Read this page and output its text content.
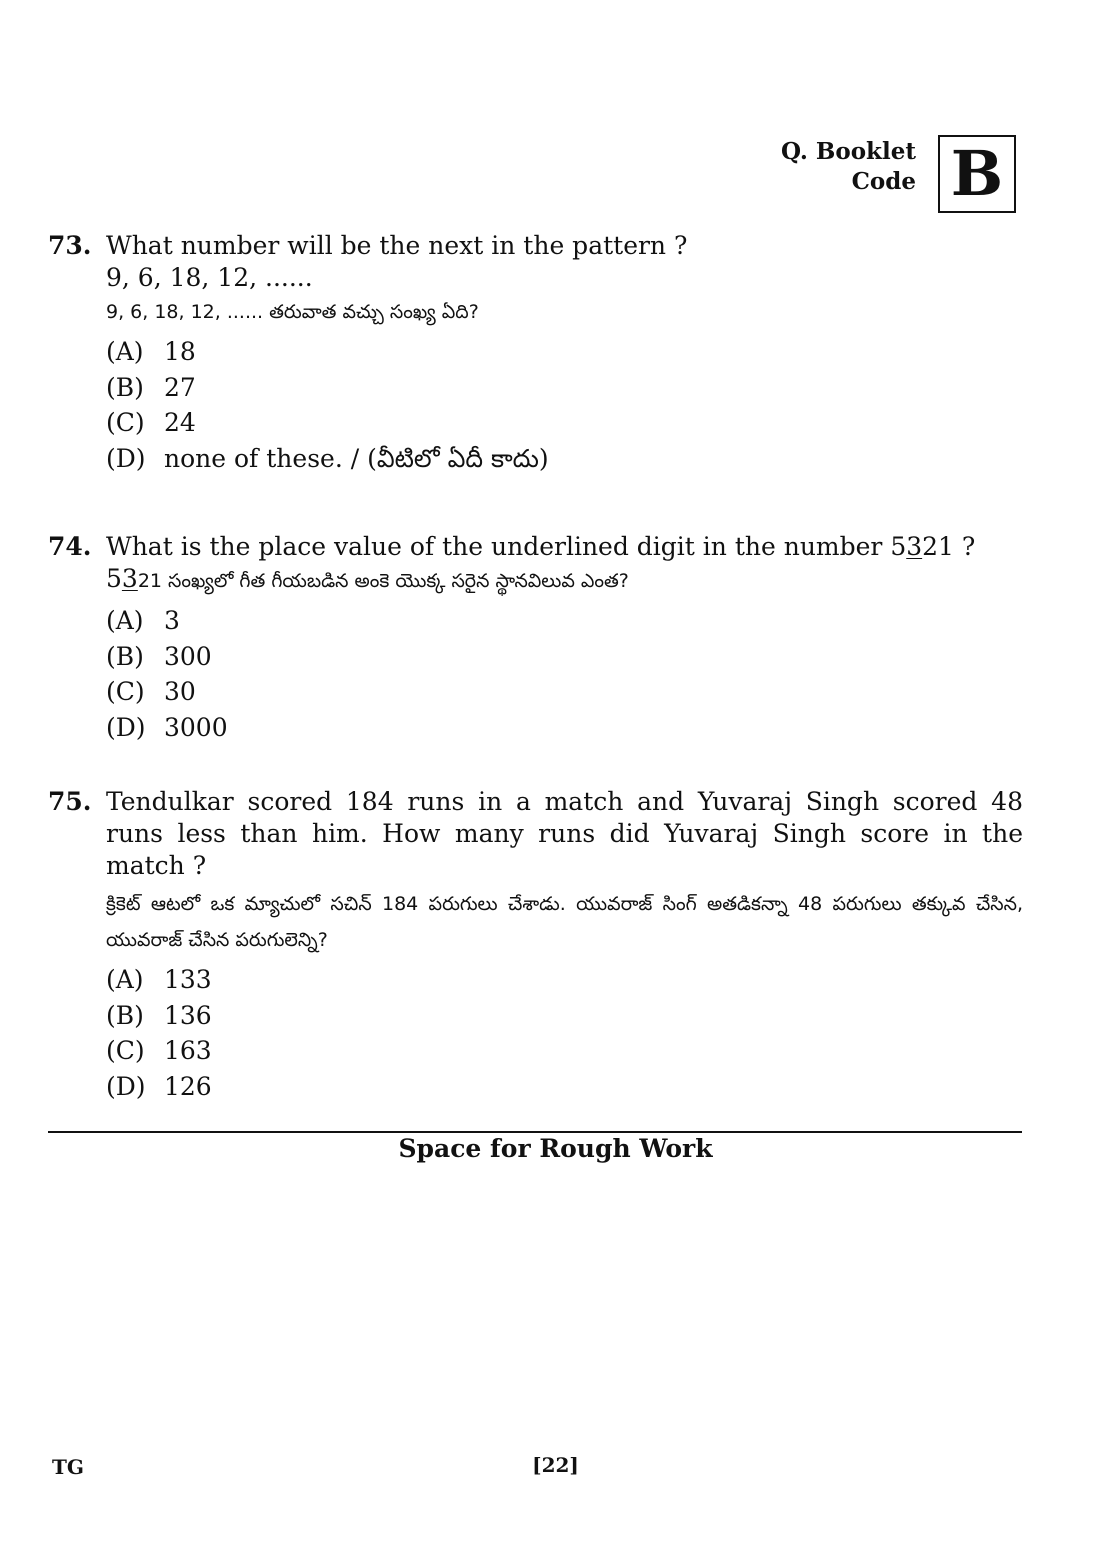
Q. Booklet
Code B
73. What number will be the next in the pattern ?

9, 6, 18, 12, ......

9, 6, 18, 12, ...... తరువాత వచ్చు సంఖ్య ఏది?

(A) 18
(B) 27
(C) 24
(D) none of these. / (వీటిలో ఏదీ కాదు)
74. What is the place value of the underlined digit in the number 5321 ?

5321 సంఖ్యలో గీత గీయబడిన అంకె యొక్క సరైన స్థానవిలువ ఎంత?

(A) 3
(B) 300
(C) 30
(D) 3000
75. Tendulkar scored 184 runs in a match and Yuvaraj Singh scored 48 runs less than him. How many runs did Yuvaraj Singh score in the match ?

క్రికెట్ ఆటలో ఒక మ్యాచులో సచిన్ 184 పరుగులు చేశాడు. యువరాజ్ సింగ్ అతడికన్నా 48 పరుగులు తక్కువ చేసిన, యువరాజ్ చేసిన పరుగులెన్ని?

(A) 133
(B) 136
(C) 163
(D) 126
Space for Rough Work
TG	[22]
